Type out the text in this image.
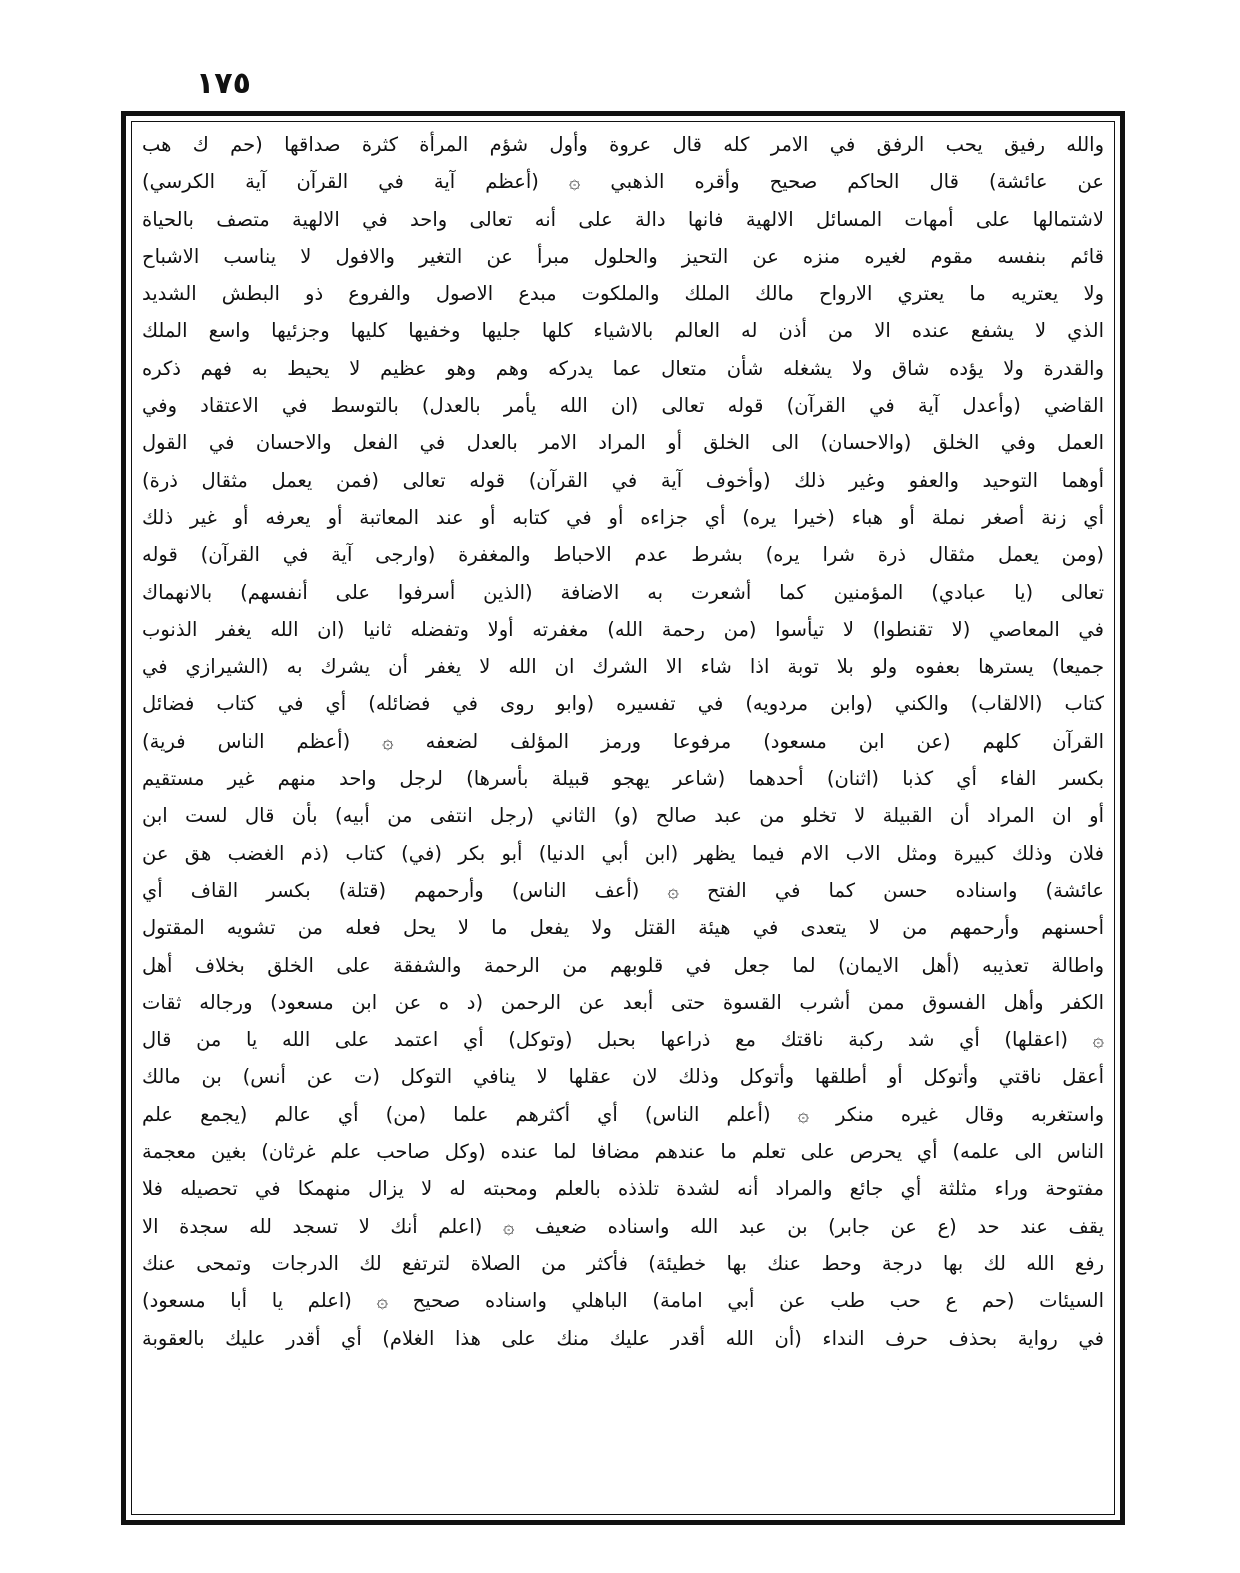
١٧٥
والله رفيق يحب الرفق في الامر كله قال عروة وأول شؤم المرأة كثرة صداقها (حم ك هب
عن عائشة) قال الحاكم صحيح وأقره الذهبي ۞ (أعظم آية في القرآن آية الكرسي)
لاشتمالها على أمهات المسائل الالهية فانها دالة على أنه تعالى واحد في الالهية متصف بالحياة
قائم بنفسه مقوم لغيره منزه عن التحيز والحلول مبرأ عن التغير والافول لا يناسب الاشباح
ولا يعتريه ما يعتري الارواح مالك الملك والملكوت مبدع الاصول والفروع ذو البطش الشديد
الذي لا يشفع عنده الا من أذن له العالم بالاشياء كلها جليها وخفيها كليها وجزئيها واسع الملك
والقدرة ولا يؤده شاق ولا يشغله شأن متعال عما يدركه وهم وهو عظيم لا يحيط به فهم ذكره
القاضي (وأعدل آية في القرآن) قوله تعالى (ان الله يأمر بالعدل) بالتوسط في الاعتقاد وفي
العمل وفي الخلق (والاحسان) الى الخلق أو المراد الامر بالعدل في الفعل والاحسان في القول
أوهما التوحيد والعفو وغير ذلك (وأخوف آية في القرآن) قوله تعالى (فمن يعمل مثقال ذرة)
أي زنة أصغر نملة أو هباء (خيرا يره) أي جزاءه أو في كتابه أو عند المعاتبة أو يعرفه أو غير ذلك
(ومن يعمل مثقال ذرة شرا يره) بشرط عدم الاحباط والمغفرة (وارجى آية في القرآن) قوله
تعالى (يا عبادي) المؤمنين كما أشعرت به الاضافة (الذين أسرفوا على أنفسهم) بالانهماك
في المعاصي (لا تقنطوا) لا تيأسوا (من رحمة الله) مغفرته أولا وتفضله ثانيا (ان الله يغفر الذنوب
جميعا) يسترها بعفوه ولو بلا توبة اذا شاء الا الشرك ان الله لا يغفر أن يشرك به (الشيرازي في
كتاب (الالقاب) والكني (وابن مردويه) في تفسيره (وابو روى في فضائله) أي في كتاب فضائل
القرآن كلهم (عن ابن مسعود) مرفوعا ورمز المؤلف لضعفه ۞ (أعظم الناس فرية)
بكسر الفاء أي كذبا (اثنان) أحدهما (شاعر يهجو قبيلة بأسرها) لرجل واحد منهم غير مستقيم
أو ان المراد أن القبيلة لا تخلو من عبد صالح (و) الثاني (رجل انتفى من أبيه) بأن قال لست ابن
فلان وذلك كبيرة ومثل الاب الام فيما يظهر (ابن أبي الدنيا) أبو بكر (في) كتاب (ذم الغضب هق عن
عائشة) واسناده حسن كما في الفتح ۞ (أعف الناس) وأرحمهم (قتلة) بكسر القاف أي
أحسنهم وأرحمهم من لا يتعدى في هيئة القتل ولا يفعل ما لا يحل فعله من تشويه المقتول
واطالة تعذيبه (أهل الايمان) لما جعل في قلوبهم من الرحمة والشفقة على الخلق بخلاف أهل
الكفر وأهل الفسوق ممن أشرب القسوة حتى أبعد عن الرحمن (د ه عن ابن مسعود) ورجاله ثقات
۞ (اعقلها) أي شد ركبة ناقتك مع ذراعها بحبل (وتوكل) أي اعتمد على الله يا من قال
أعقل ناقتي وأتوكل أو أطلقها وأتوكل وذلك لان عقلها لا ينافي التوكل (ت عن أنس) بن مالك
واستغربه وقال غيره منكر ۞ (أعلم الناس) أي أكثرهم علما (من) أي عالم (يجمع علم
الناس الى علمه) أي يحرص على تعلم ما عندهم مضافا لما عنده (وكل صاحب علم غرثان) بغين معجمة
مفتوحة وراء مثلثة أي جائع والمراد أنه لشدة تلذذه بالعلم ومحبته له لا يزال منهمكا في تحصيله فلا
يقف عند حد (ع عن جابر) بن عبد الله واسناده ضعيف ۞ (اعلم أنك لا تسجد لله سجدة الا
رفع الله لك بها درجة وحط عنك بها خطيئة) فأكثر من الصلاة لترتفع لك الدرجات وتمحى عنك
السيئات (حم ع حب طب عن أبي امامة) الباهلي واسناده صحيح ۞ (اعلم يا أبا مسعود)
في رواية بحذف حرف النداء (أن الله أقدر عليك منك على هذا الغلام) أي أقدر عليك بالعقوبة
